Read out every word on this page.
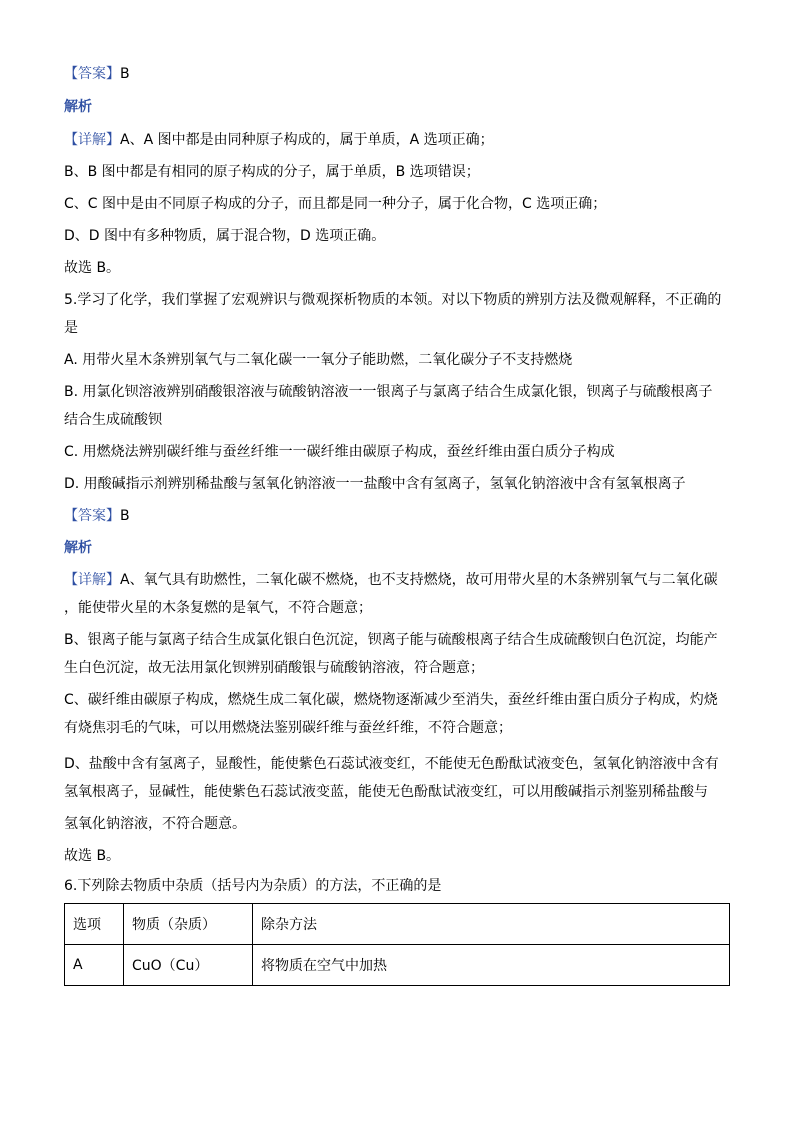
【答案】B
解析
【详解】A、A 图中都是由同种原子构成的，属于单质，A 选项正确；
B、B 图中都是有相同的原子构成的分子，属于单质，B 选项错误；
C、C 图中是由不同原子构成的分子，而且都是同一种分子，属于化合物，C 选项正确；
D、D 图中有多种物质，属于混合物，D 选项正确。
故选 B。
5.学习了化学，我们掌握了宏观辨识与微观探析物质的本领。对以下物质的辨别方法及微观解释，不正确的
是
A. 用带火星木条辨别氧气与二氧化碳一一氧分子能助燃，二氧化碳分子不支持燃烧
B. 用氯化钡溶液辨别硝酸银溶液与硫酸钠溶液一一银离子与氯离子结合生成氯化银，钡离子与硫酸根离子
结合生成硫酸钡
C. 用燃烧法辨别碳纤维与蚕丝纤维一一碳纤维由碳原子构成，蚕丝纤维由蛋白质分子构成
D. 用酸碱指示剂辨别稀盐酸与氢氧化钠溶液一一盐酸中含有氢离子，氢氧化钠溶液中含有氢氧根离子
【答案】B
解析
【详解】A、氧气具有助燃性，二氧化碳不燃烧，也不支持燃烧，故可用带火星的木条辨别氧气与二氧化碳
，能使带火星的木条复燃的是氧气，不符合题意；
B、银离子能与氯离子结合生成氯化银白色沉淀，钡离子能与硫酸根离子结合生成硫酸钡白色沉淀，均能产
生白色沉淀，故无法用氯化钡辨别硝酸银与硫酸钠溶液，符合题意；
C、碳纤维由碳原子构成，燃烧生成二氧化碳，燃烧物逐渐减少至消失，蚕丝纤维由蛋白质分子构成，灼烧
有烧焦羽毛的气味，可以用燃烧法鉴别碳纤维与蚕丝纤维，不符合题意；
D、盐酸中含有氢离子，显酸性，能使紫色石蕊试液变红，不能使无色酚酞试液变色，氢氧化钠溶液中含有
氢氧根离子，显碱性，能使紫色石蕊试液变蓝，能使无色酚酞试液变红，可以用酸碱指示剂鉴别稀盐酸与
氢氧化钠溶液，不符合题意。
故选 B。
6.下列除去物质中杂质（括号内为杂质）的方法，不正确的是
选项	物质（杂质）	除杂方法
A	CuO（Cu）	将物质在空气中加热
